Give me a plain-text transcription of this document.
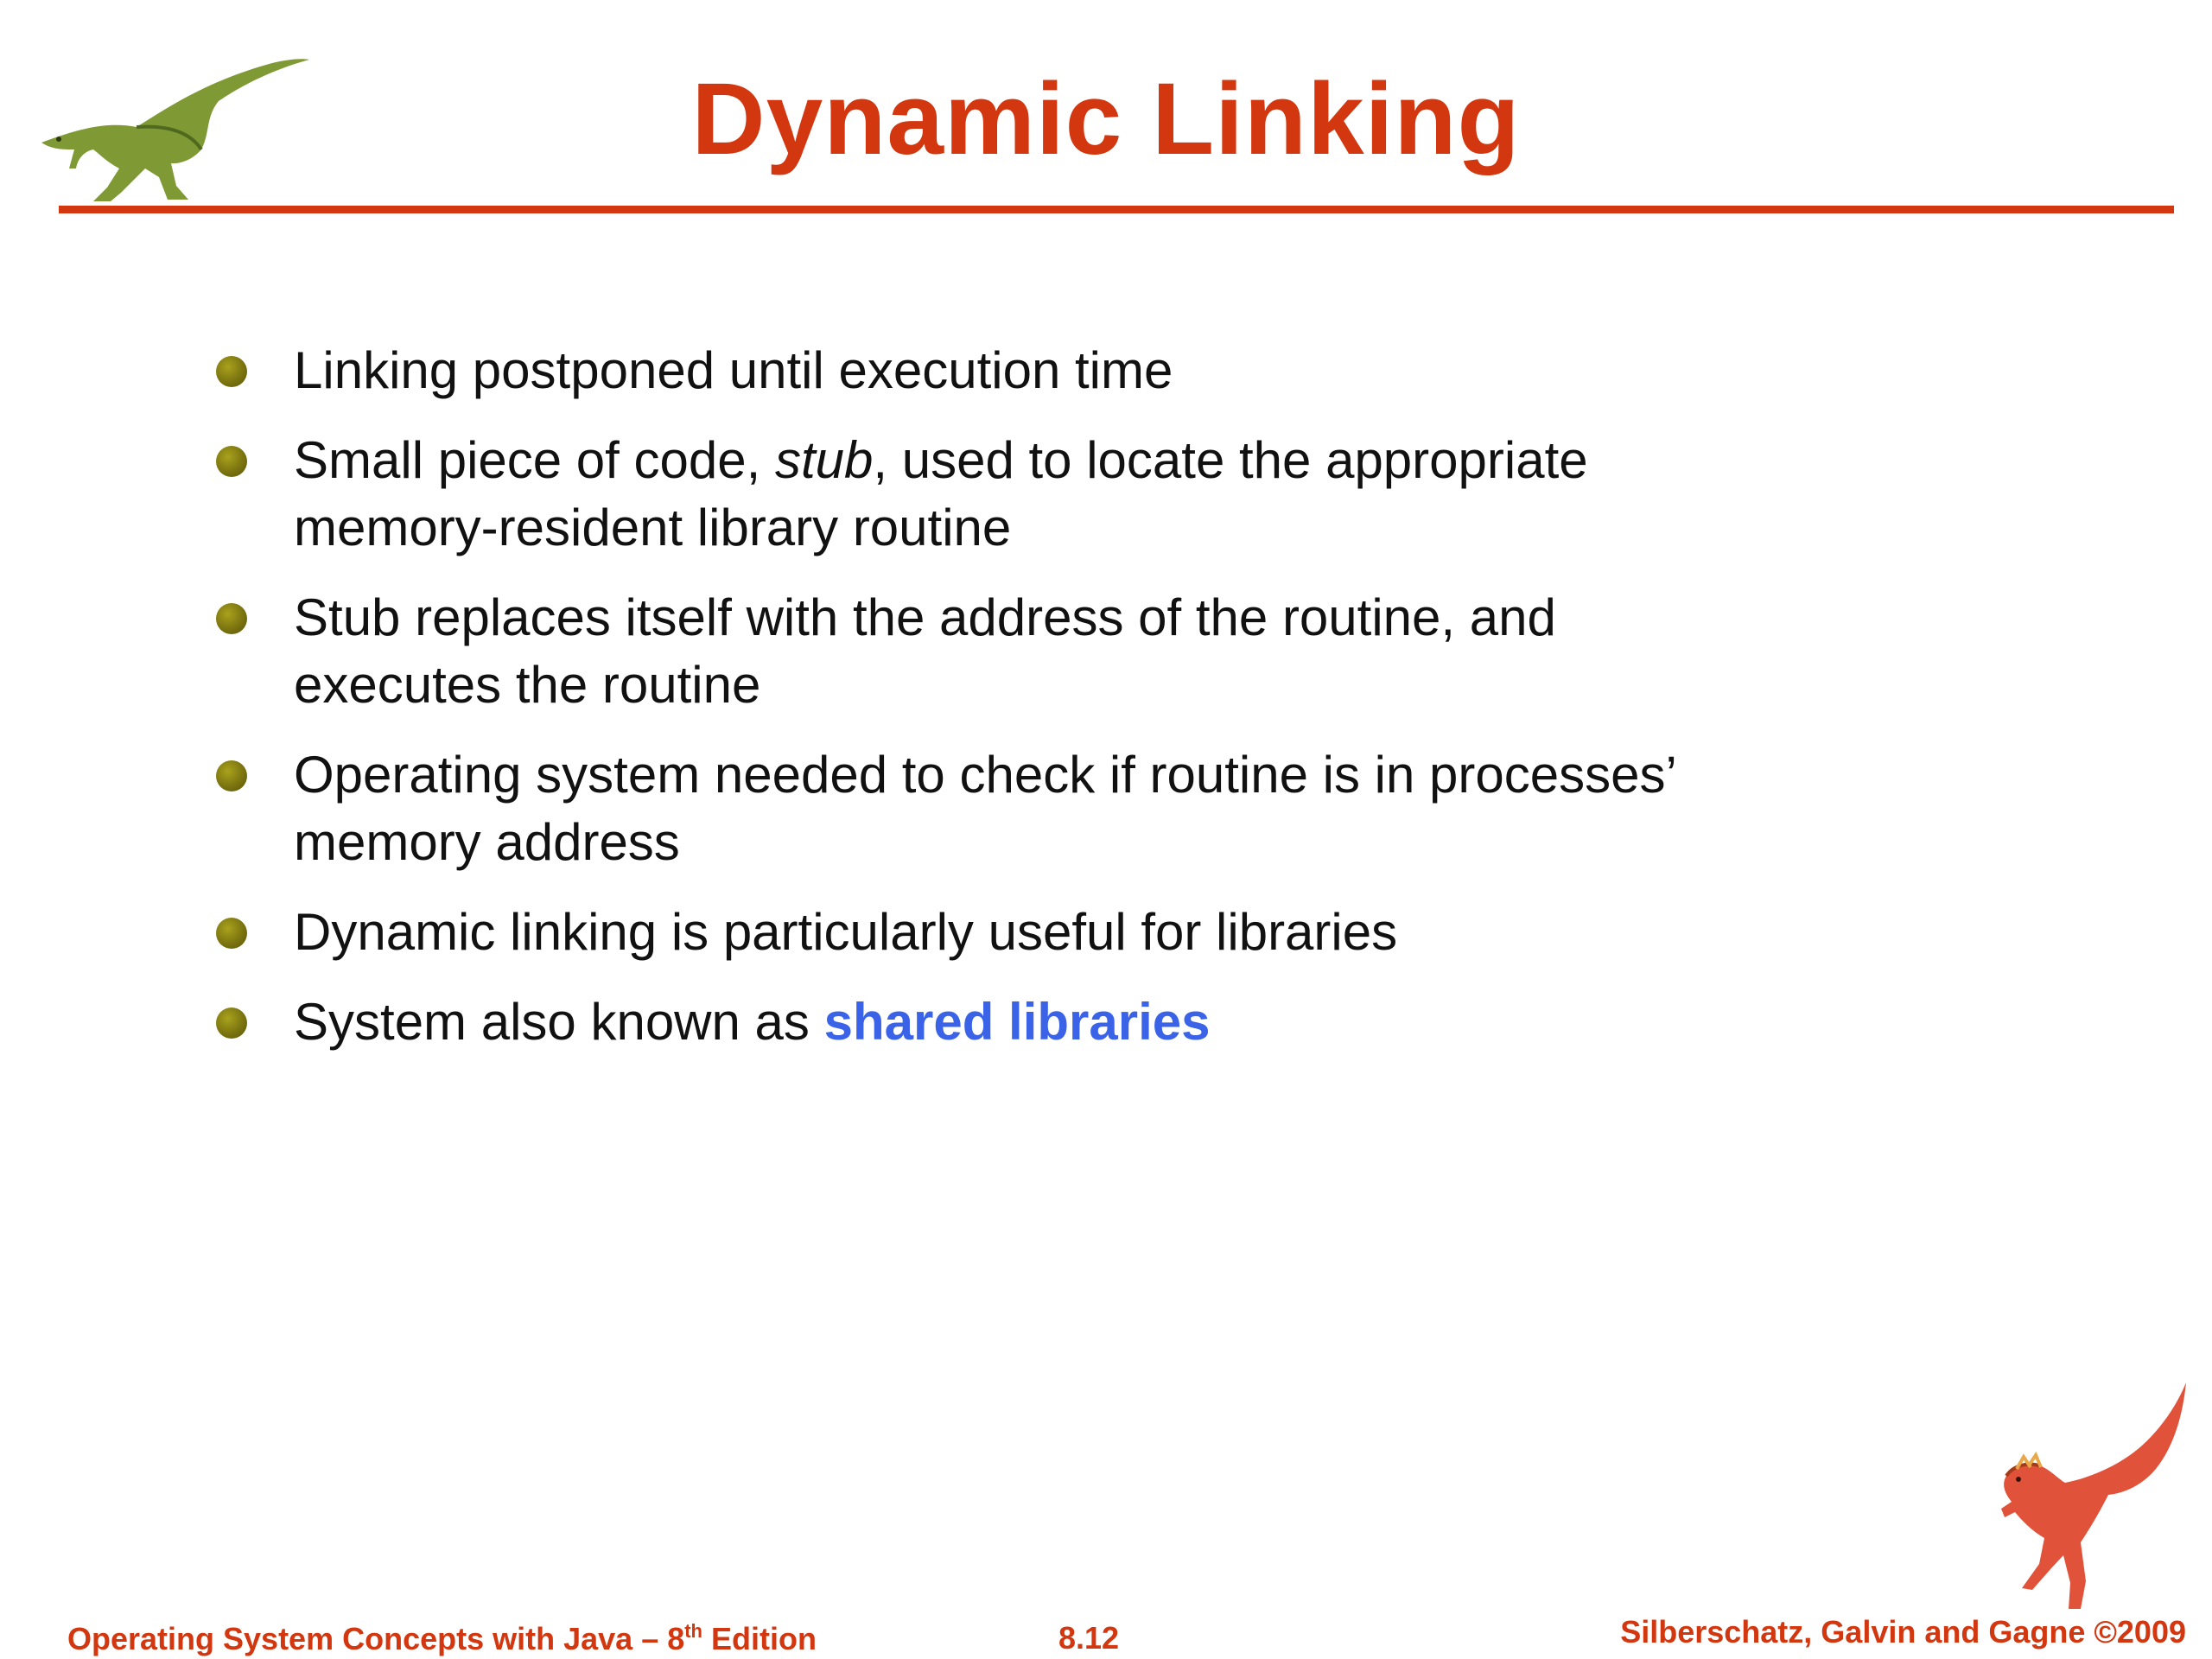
Dynamic Linking
Linking postponed until execution time
Small piece of code, stub, used to locate the appropriate
memory-resident library routine
Stub replaces itself with the address of the routine, and
executes the routine
Operating system needed to check if routine is in processes’
memory address
Dynamic linking is particularly useful for libraries
System also known as shared libraries
Operating System Concepts with Java – 8th Edition	8.12	Silberschatz, Galvin and Gagne ©2009
